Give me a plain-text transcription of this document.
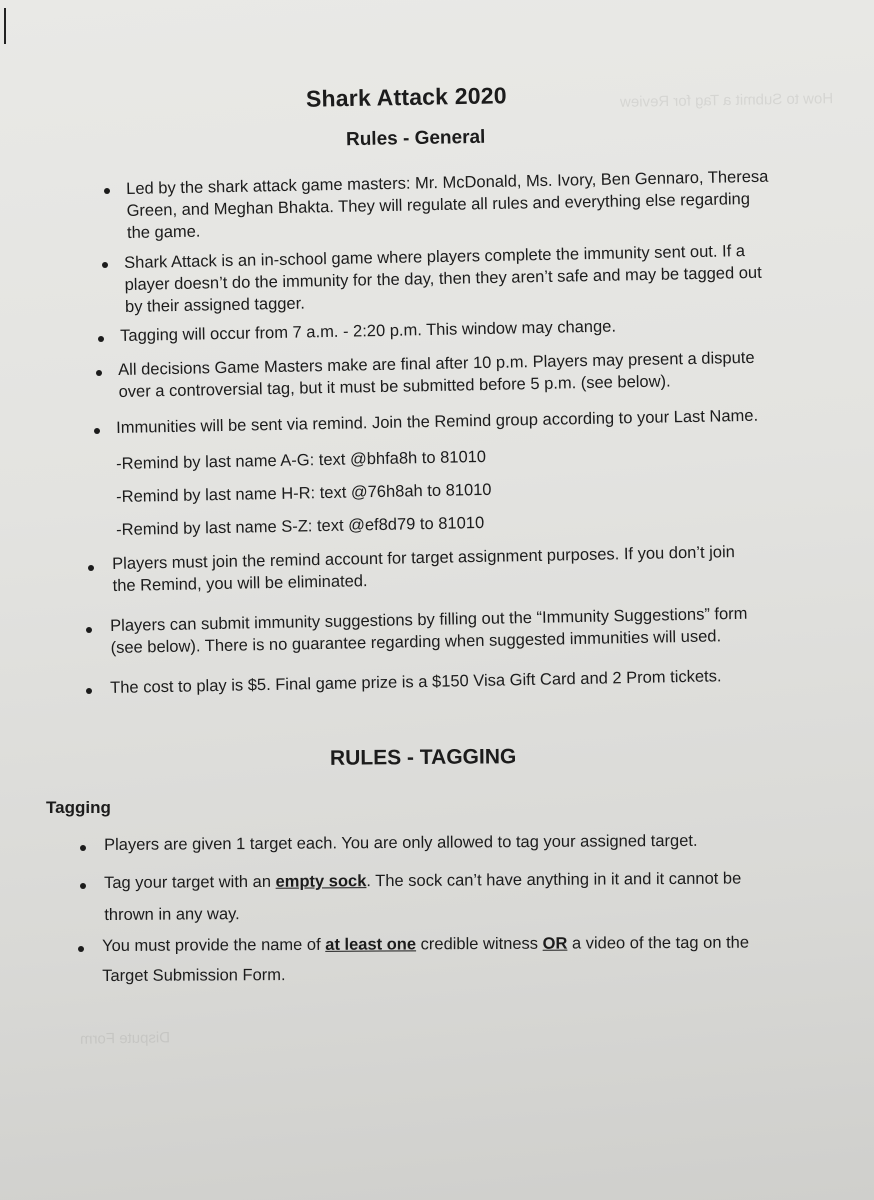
How to Submit a Tag for Review
Dispute Form
Shark Attack 2020
Rules - General
Led by the shark attack game masters: Mr. McDonald, Ms. Ivory, Ben Gennaro, Theresa
Green, and Meghan Bhakta. They will regulate all rules and everything else regarding
the game.
Shark Attack is an in-school game where players complete the immunity sent out. If a
player doesn’t do the immunity for the day, then they aren’t safe and may be tagged out
by their assigned tagger.
Tagging will occur from 7 a.m. - 2:20 p.m. This window may change.
All decisions Game Masters make are final after 10 p.m. Players may present a dispute
over a controversial tag, but it must be submitted before 5 p.m. (see below).
Immunities will be sent via remind. Join the Remind group according to your Last Name.
-Remind by last name A-G: text @bhfa8h to 81010
-Remind by last name H-R: text @76h8ah to 81010
-Remind by last name S-Z: text @ef8d79 to 81010
Players must join the remind account for target assignment purposes. If you don’t join
the Remind, you will be eliminated.
Players can submit immunity suggestions by filling out the “Immunity Suggestions” form
(see below). There is no guarantee regarding when suggested immunities will used.
The cost to play is $5. Final game prize is a $150 Visa Gift Card and 2 Prom tickets.
RULES - TAGGING
Tagging
Players are given 1 target each. You are only allowed to tag your assigned target.
Tag your target with an empty sock. The sock can’t have anything in it and it cannot be
thrown in any way.
You must provide the name of at least one credible witness OR a video of the tag on the
Target Submission Form.
